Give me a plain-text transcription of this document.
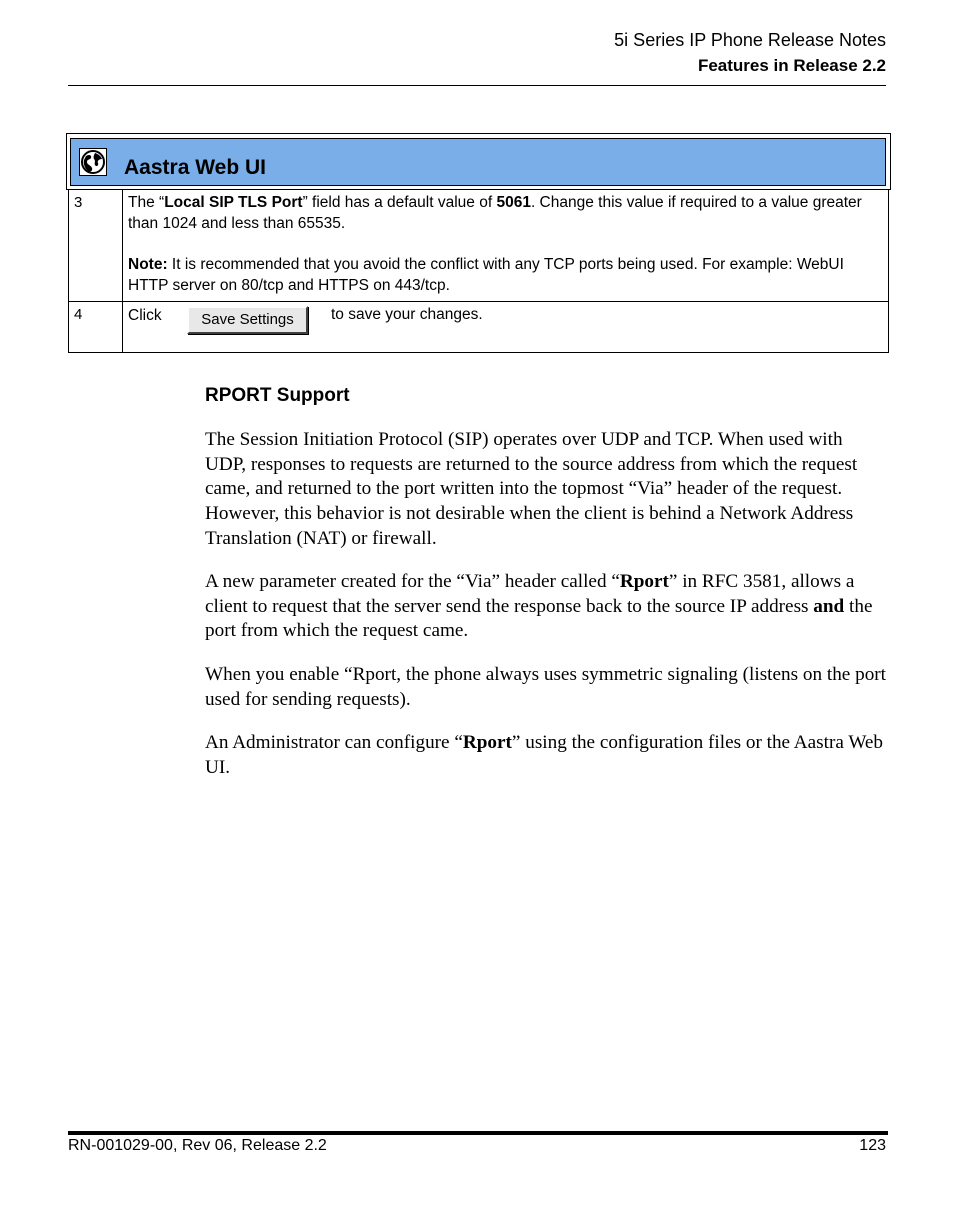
5i Series IP Phone Release Notes
Features in Release 2.2
Aastra Web UI
3	The “Local SIP TLS Port” field has a default value of 5061. Change this value if required to a value greater than 1024 and less than 65535.
Note: It is recommended that you avoid the conflict with any TCP ports being used. For example: WebUI HTTP server on 80/tcp and HTTPS on 443/tcp.
4	Click	Save Settings	to save your changes.
RPORT Support
The Session Initiation Protocol (SIP) operates over UDP and TCP. When used with UDP, responses to requests are returned to the source address from which the request came, and returned to the port written into the topmost “Via” header of the request. However, this behavior is not desirable when the client is behind a Network Address Translation (NAT) or firewall.
A new parameter created for the “Via” header called “Rport” in RFC 3581, allows a client to request that the server send the response back to the source IP address and the port from which the request came.
When you enable “Rport, the phone always uses symmetric signaling (listens on the port used for sending requests).
An Administrator can configure “Rport” using the configuration files or the Aastra Web UI.
RN-001029-00, Rev 06, Release 2.2	123
